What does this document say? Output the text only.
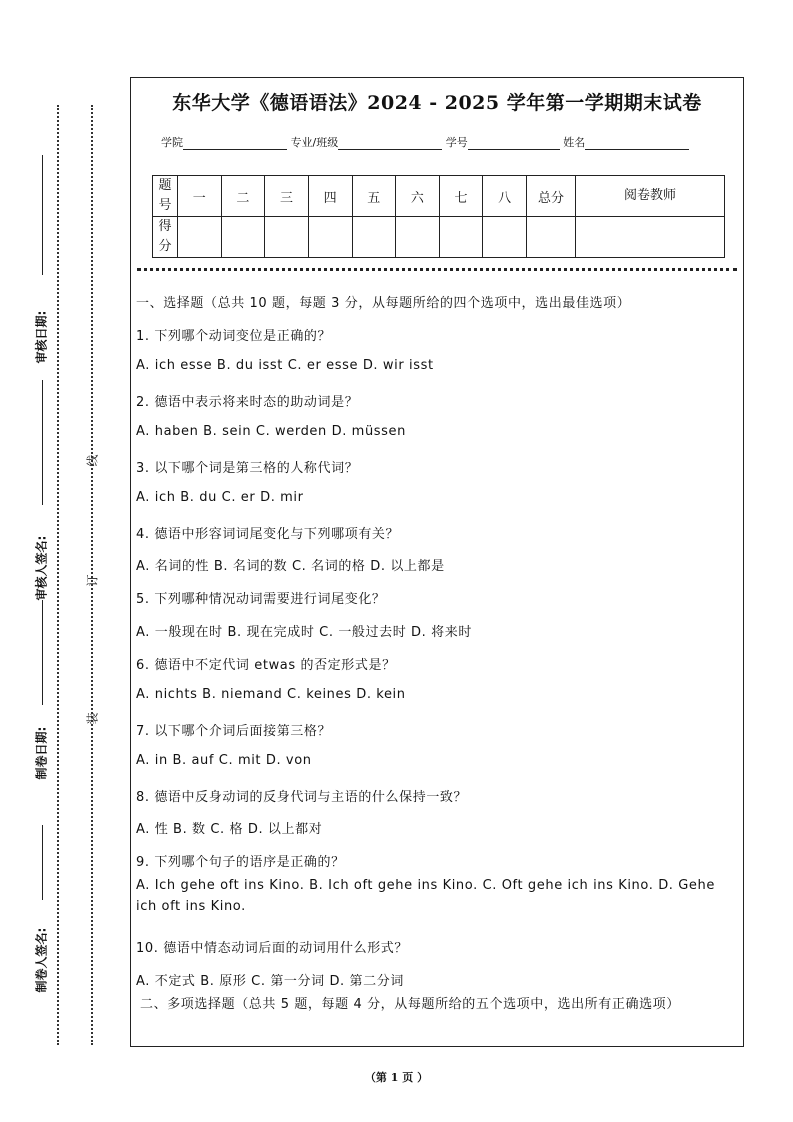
审核日期:
审核人签名:
制卷日期:
制卷人签名:
线
订
装
东华大学《德语语法》2024 - 2025 学年第一学期期末试卷
学院	专业/班级	学号	姓名
题号	一	二	三	四	五	六	七	八	总分	阅卷教师
得分										
一、选择题（总共 10 题，每题 3 分，从每题所给的四个选项中，选出最佳选项）
1. 下列哪个动词变位是正确的？
A. ich esse B. du isst C. er esse D. wir isst
2. 德语中表示将来时态的助动词是？
A. haben B. sein C. werden D. müssen
3. 以下哪个词是第三格的人称代词？
A. ich B. du C. er D. mir
4. 德语中形容词词尾变化与下列哪项有关？
A. 名词的性 B. 名词的数 C. 名词的格 D. 以上都是
5. 下列哪种情况动词需要进行词尾变化？
A. 一般现在时 B. 现在完成时 C. 一般过去时 D. 将来时
6. 德语中不定代词 etwas 的否定形式是？
A. nichts B. niemand C. keines D. kein
7. 以下哪个介词后面接第三格？
A. in B. auf C. mit D. von
8. 德语中反身动词的反身代词与主语的什么保持一致？
A. 性 B. 数 C. 格 D. 以上都对
9. 下列哪个句子的语序是正确的？
A. Ich gehe oft ins Kino. B. Ich oft gehe ins Kino. C. Oft gehe ich ins Kino. D. Gehe ich oft ins Kino.
10. 德语中情态动词后面的动词用什么形式？
A. 不定式 B. 原形 C. 第一分词 D. 第二分词
二、多项选择题（总共 5 题，每题 4 分，从每题所给的五个选项中，选出所有正确选项）
（第 1 页 ）
